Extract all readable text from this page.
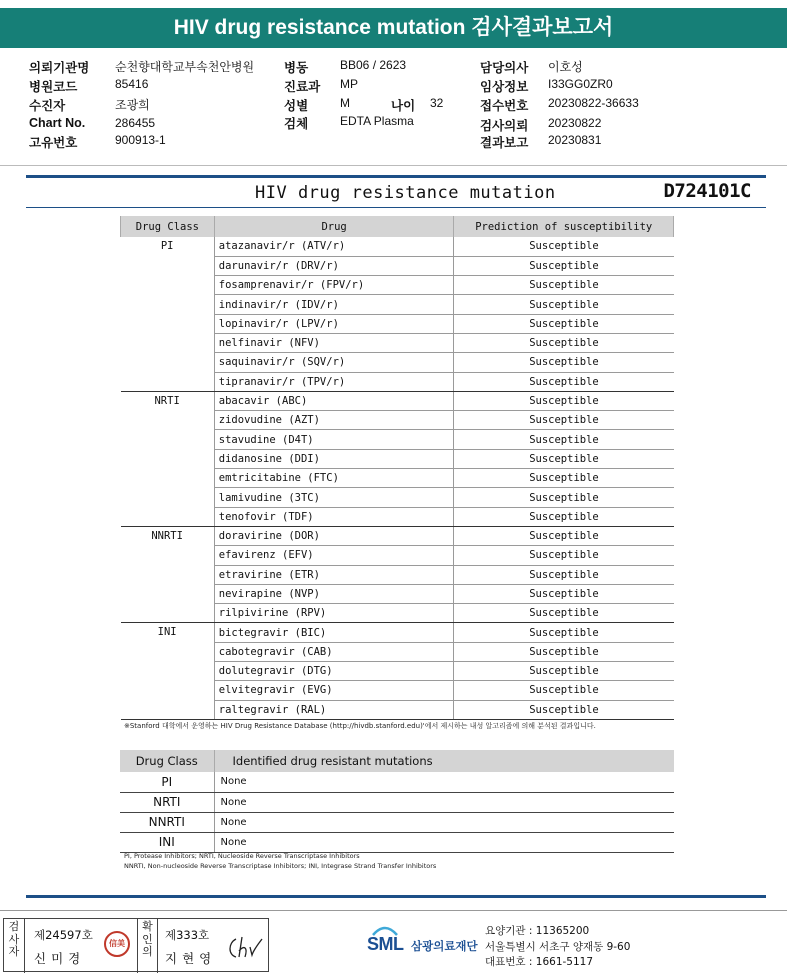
HIV drug resistance mutation 검사결과보고서
의뢰기관명 순천향대학교부속천안병원
병원코드	85416
수진자	조광희
Chart No. 286455
고유번호	900913-1
병동	BB06 / 2623
진료과 MP
성별	M	나이 32
검체	EDTA Plasma
담당의사 이호성
임상정보 I33GG0ZR0
접수번호 20230822-36633
검사의뢰 20230822
결과보고 20230831
HIV drug resistance mutation	D724101C
Drug Class	Drug	Prediction of susceptibility
PI	atazanavir/r (ATV/r)	Susceptible
	darunavir/r (DRV/r)	Susceptible
	fosamprenavir/r (FPV/r)	Susceptible
	indinavir/r (IDV/r)	Susceptible
	lopinavir/r (LPV/r)	Susceptible
	nelfinavir (NFV)	Susceptible
	saquinavir/r (SQV/r)	Susceptible
	tipranavir/r (TPV/r)	Susceptible
NRTI	abacavir (ABC)	Susceptible
	zidovudine (AZT)	Susceptible
	stavudine (D4T)	Susceptible
	didanosine (DDI)	Susceptible
	emtricitabine (FTC)	Susceptible
	lamivudine (3TC)	Susceptible
	tenofovir (TDF)	Susceptible
NNRTI	doravirine (DOR)	Susceptible
	efavirenz (EFV)	Susceptible
	etravirine (ETR)	Susceptible
	nevirapine (NVP)	Susceptible
	rilpivirine (RPV)	Susceptible
INI	bictegravir (BIC)	Susceptible
	cabotegravir (CAB)	Susceptible
	dolutegravir (DTG)	Susceptible
	elvitegravir (EVG)	Susceptible
	raltegravir (RAL)	Susceptible
※Stanford 대학에서 운영하는 HIV Drug Resistance Database (http://hivdb.stanford.edu)'에서 제시하는 내성 알고리즘에 의해 분석된 결과입니다.
Drug Class	Identified drug resistant mutations
PI	None
NRTI	None
NNRTI	None
INI	None
PI, Protease Inhibitors; NRTI, Nucleoside Reverse Transcriptase Inhibitors
NNRTI, Non-nucleoside Reverse Transcriptase Inhibitors; INI, Integrase Strand Transfer Inhibitors
검
사
자
제24597호
신미경
信美
확
인
의
제333호
지현영
SML 삼광의료재단
요양기관 : 11365200
서울특별시 서초구 양재동 9-60
대표번호 : 1661-5117
